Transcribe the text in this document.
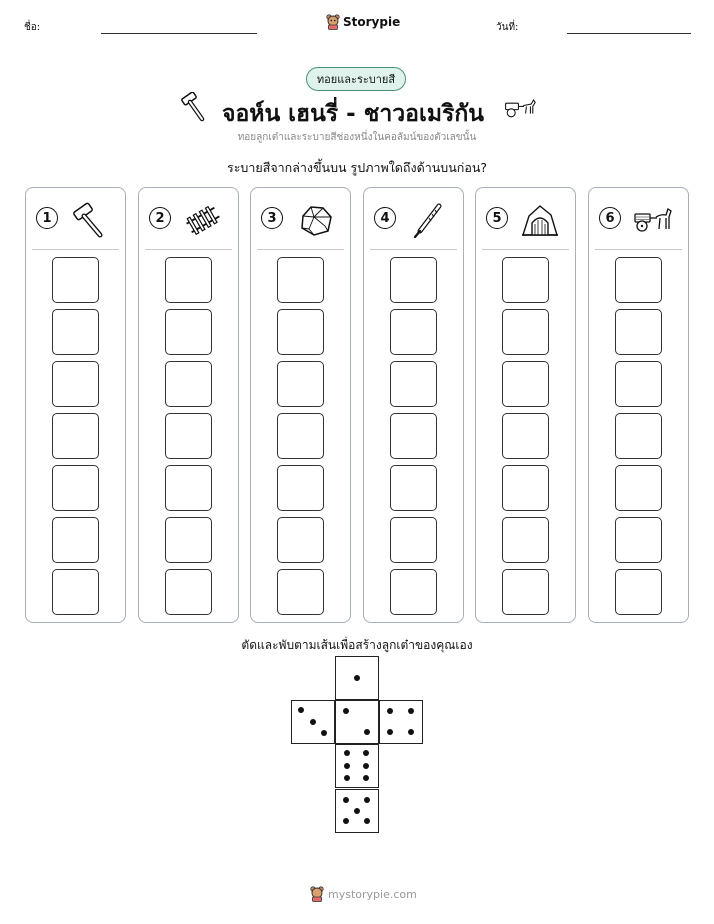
ชื่อ:	Storypie	วันที่:
ทอยและระบายสี
จอห์น เฮนรี่ - ชาวอเมริกัน
ทอยลูกเต๋าและระบายสีช่องหนึ่งในคอลัมน์ของตัวเลขนั้น
ระบายสีจากล่างขึ้นบน รูปภาพใดถึงด้านบนก่อน?
1	2	3	4	5	6
ตัดและพับตามเส้นเพื่อสร้างลูกเต๋าของคุณเอง
mystorypie.com
